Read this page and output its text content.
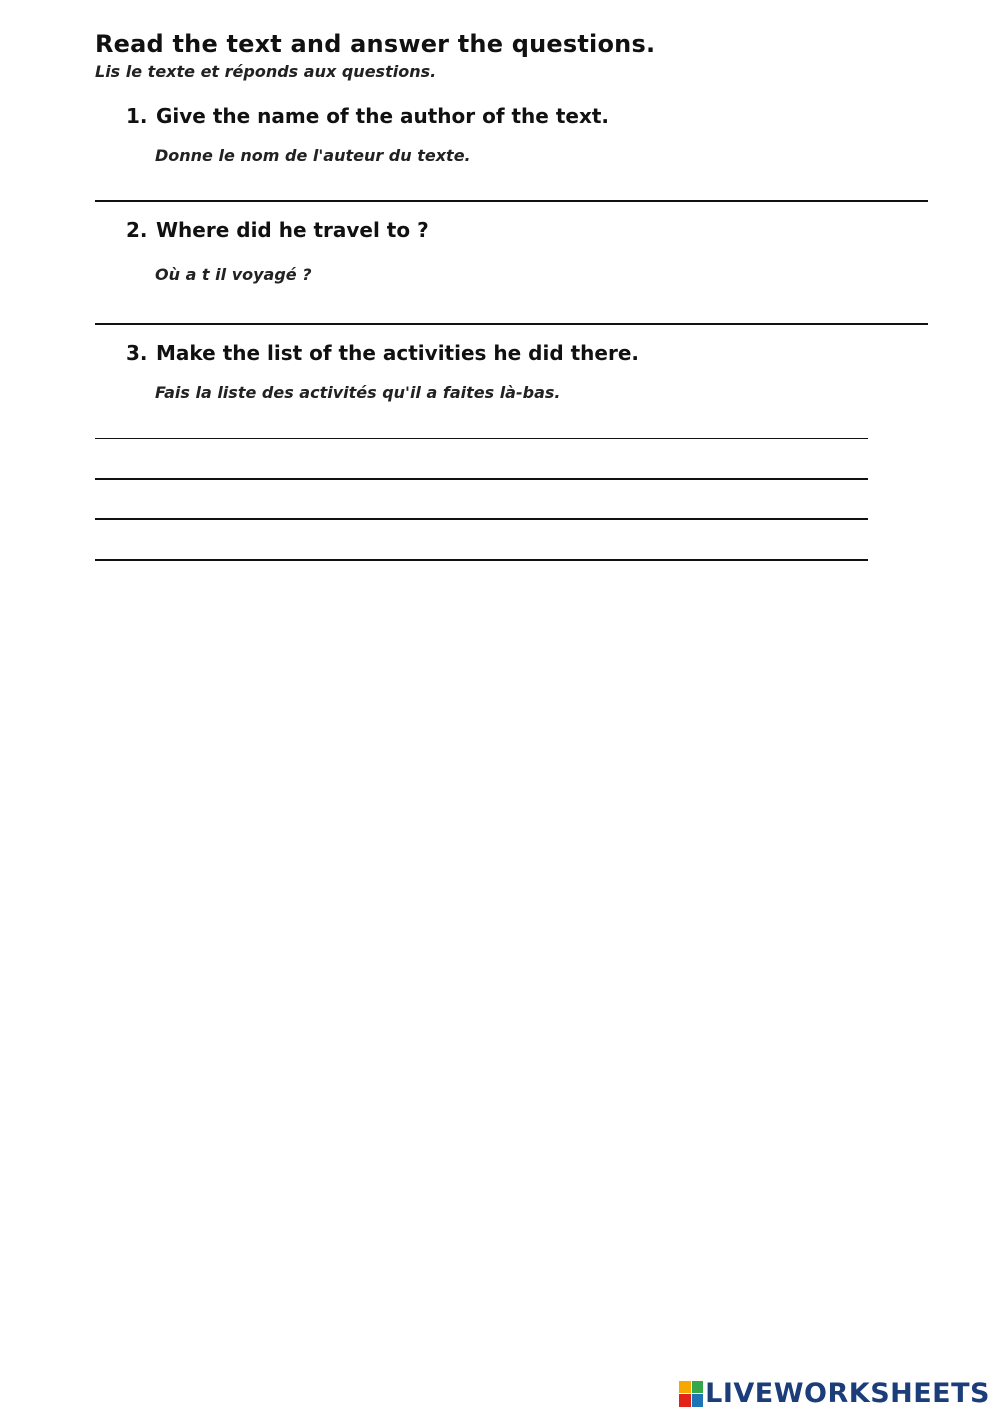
Read the text and answer the questions.
Lis le texte et réponds aux questions.
1. Give the name of the author of the text.
Donne le nom de l'auteur du texte.
2. Where did he travel to ?
Où a t il voyagé ?
3. Make the list of the activities he did there.
Fais la liste des activités qu'il a faites là-bas.
LIVEWORKSHEETS
